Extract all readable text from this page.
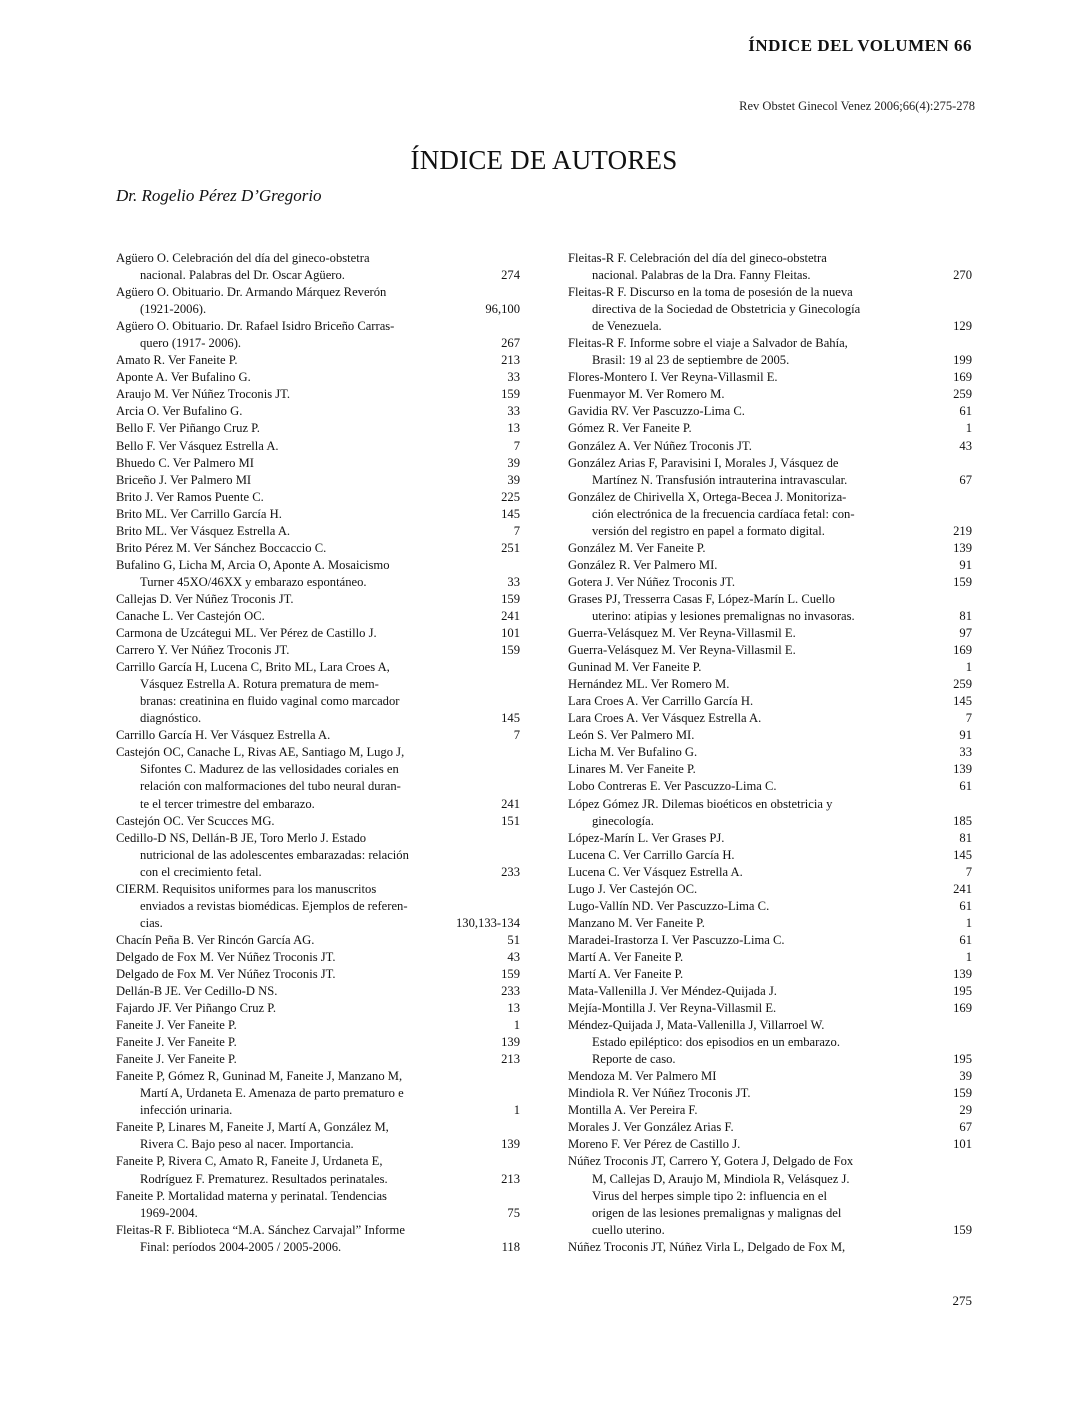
ÍNDICE DEL VOLUMEN 66
Rev Obstet Ginecol Venez 2006;66(4):275-278
ÍNDICE DE AUTORES
Dr. Rogelio Pérez D’Gregorio
Agüero O. Celebración del día del gineco-obstetra
nacional. Palabras del Dr. Oscar Agüero.	274
Agüero O. Obituario. Dr. Armando Márquez Reverón
(1921-2006).	96,100
Agüero O. Obituario. Dr. Rafael Isidro Briceño Carras-
quero (1917- 2006).	267
Amato R. Ver Faneite P.	213
Aponte A. Ver Bufalino G.	33
Araujo M. Ver Núñez Troconis JT.	159
Arcia O. Ver Bufalino G.	33
Bello F. Ver Piñango Cruz P.	13
Bello F. Ver Vásquez Estrella A.	7
Bhuedo C. Ver Palmero MI	39
Briceño J. Ver Palmero MI	39
Brito J. Ver Ramos Puente C.	225
Brito ML. Ver Carrillo García H.	145
Brito ML. Ver Vásquez Estrella A.	7
Brito Pérez M. Ver Sánchez Boccaccio C.	251
Bufalino G, Licha M, Arcia O, Aponte A. Mosaicismo
Turner 45XO/46XX y embarazo espontáneo.	33
Callejas D. Ver Núñez Troconis JT.	159
Canache L. Ver Castejón OC.	241
Carmona de Uzcátegui ML. Ver Pérez de Castillo J.	101
Carrero Y. Ver Núñez Troconis JT.	159
Carrillo García H, Lucena C, Brito ML, Lara Croes A,
Vásquez Estrella A. Rotura prematura de mem-
branas: creatinina en fluido vaginal como marcador
diagnóstico.	145
Carrillo García H. Ver Vásquez Estrella A.	7
Castejón OC, Canache L, Rivas AE, Santiago M, Lugo J,
Sifontes C. Madurez de las vellosidades coriales en
relación con malformaciones del tubo neural duran-
te el tercer trimestre del embarazo.	241
Castejón OC. Ver Scucces MG.	151
Cedillo-D NS, Dellán-B JE, Toro Merlo J. Estado
nutricional de las adolescentes embarazadas: relación
con el crecimiento fetal.	233
CIERM. Requisitos uniformes para los manuscritos
enviados a revistas biomédicas. Ejemplos de referen-
cias.	130,133-134
Chacín Peña B. Ver Rincón García AG.	51
Delgado de Fox M. Ver Núñez Troconis JT.	43
Delgado de Fox M. Ver Núñez Troconis JT.	159
Dellán-B JE. Ver Cedillo-D NS.	233
Fajardo JF. Ver Piñango Cruz P.	13
Faneite J. Ver Faneite P.	1
Faneite J. Ver Faneite P.	139
Faneite J. Ver Faneite P.	213
Faneite P, Gómez R, Guninad M, Faneite J, Manzano M,
Martí A, Urdaneta E. Amenaza de parto prematuro e
infección urinaria.	1
Faneite P, Linares M, Faneite J, Martí A, González M,
Rivera C. Bajo peso al nacer. Importancia.	139
Faneite P, Rivera C, Amato R, Faneite J, Urdaneta E,
Rodríguez F. Prematurez. Resultados perinatales.	213
Faneite P. Mortalidad materna y perinatal. Tendencias
1969-2004.	75
Fleitas-R F. Biblioteca “M.A. Sánchez Carvajal” Informe
Final: períodos 2004-2005 / 2005-2006.	118
Fleitas-R F. Celebración del día del gineco-obstetra
nacional. Palabras de la Dra. Fanny Fleitas.	270
Fleitas-R F. Discurso en la toma de posesión de la nueva
directiva de la Sociedad de Obstetricia y Ginecología
de Venezuela.	129
Fleitas-R F. Informe sobre el viaje a Salvador de Bahía,
Brasil: 19 al 23 de septiembre de 2005.	199
Flores-Montero I. Ver Reyna-Villasmil E.	169
Fuenmayor M. Ver Romero M.	259
Gavidia RV. Ver Pascuzzo-Lima C.	61
Gómez R. Ver Faneite P.	1
González A. Ver Núñez Troconis JT.	43
González Arias F, Paravisini I, Morales J, Vásquez de
Martínez N. Transfusión intrauterina intravascular.	67
González de Chirivella X, Ortega-Becea J. Monitoriza-
ción electrónica de la frecuencia cardíaca fetal: con-
versión del registro en papel a formato digital.	219
González M. Ver Faneite P.	139
González R. Ver Palmero MI.	91
Gotera J. Ver Núñez Troconis JT.	159
Grases PJ, Tresserra Casas F, López-Marín L. Cuello
uterino: atipias y lesiones premalignas no invasoras.	81
Guerra-Velásquez M. Ver Reyna-Villasmil E.	97
Guerra-Velásquez M. Ver Reyna-Villasmil E.	169
Guninad M. Ver Faneite P.	1
Hernández ML. Ver Romero M.	259
Lara Croes A. Ver Carrillo García H.	145
Lara Croes A. Ver Vásquez Estrella A.	7
León S. Ver Palmero MI.	91
Licha M. Ver Bufalino G.	33
Linares M. Ver Faneite P.	139
Lobo Contreras E. Ver Pascuzzo-Lima C.	61
López Gómez JR. Dilemas bioéticos en obstetricia y
ginecología.	185
López-Marín L. Ver Grases PJ.	81
Lucena C. Ver Carrillo García H.	145
Lucena C. Ver Vásquez Estrella A.	7
Lugo J. Ver Castejón OC.	241
Lugo-Vallín ND. Ver Pascuzzo-Lima C.	61
Manzano M. Ver Faneite P.	1
Maradei-Irastorza I. Ver Pascuzzo-Lima C.	61
Martí A. Ver Faneite P.	1
Martí A. Ver Faneite P.	139
Mata-Vallenilla J. Ver Méndez-Quijada J.	195
Mejía-Montilla J. Ver Reyna-Villasmil E.	169
Méndez-Quijada J, Mata-Vallenilla J, Villarroel W.
Estado epiléptico: dos episodios en un embarazo.
Reporte de caso.	195
Mendoza M. Ver Palmero MI	39
Mindiola R. Ver Núñez Troconis JT.	159
Montilla A. Ver Pereira F.	29
Morales J. Ver González Arias F.	67
Moreno F. Ver Pérez de Castillo J.	101
Núñez Troconis JT, Carrero Y, Gotera J, Delgado de Fox
M, Callejas D, Araujo M, Mindiola R, Velásquez J.
Virus del herpes simple tipo 2: influencia en el
origen de las lesiones premalignas y malignas del
cuello uterino.	159
Núñez Troconis JT, Núñez Virla L, Delgado de Fox M,
275
